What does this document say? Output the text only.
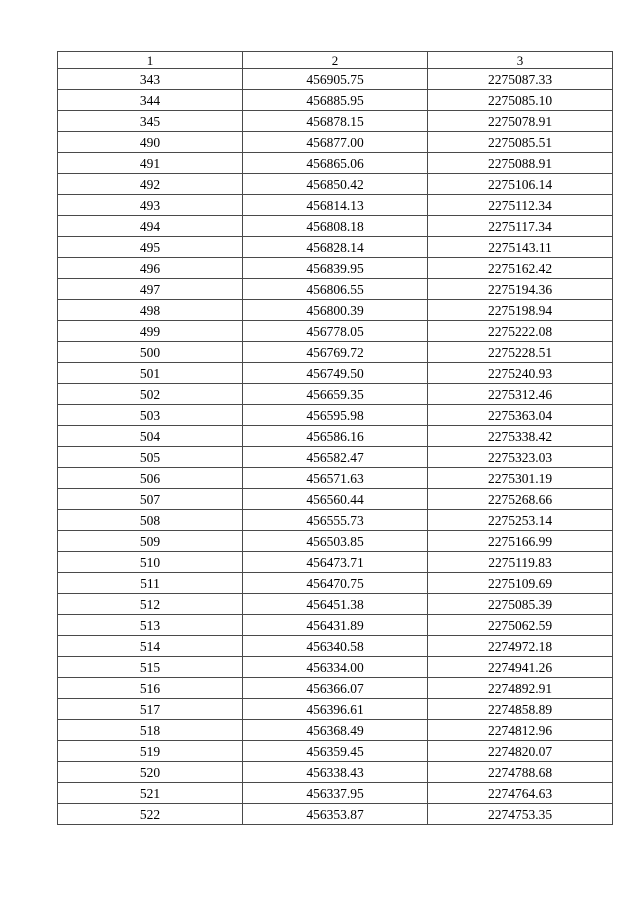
1	2	3
343	456905.75	2275087.33
344	456885.95	2275085.10
345	456878.15	2275078.91
490	456877.00	2275085.51
491	456865.06	2275088.91
492	456850.42	2275106.14
493	456814.13	2275112.34
494	456808.18	2275117.34
495	456828.14	2275143.11
496	456839.95	2275162.42
497	456806.55	2275194.36
498	456800.39	2275198.94
499	456778.05	2275222.08
500	456769.72	2275228.51
501	456749.50	2275240.93
502	456659.35	2275312.46
503	456595.98	2275363.04
504	456586.16	2275338.42
505	456582.47	2275323.03
506	456571.63	2275301.19
507	456560.44	2275268.66
508	456555.73	2275253.14
509	456503.85	2275166.99
510	456473.71	2275119.83
511	456470.75	2275109.69
512	456451.38	2275085.39
513	456431.89	2275062.59
514	456340.58	2274972.18
515	456334.00	2274941.26
516	456366.07	2274892.91
517	456396.61	2274858.89
518	456368.49	2274812.96
519	456359.45	2274820.07
520	456338.43	2274788.68
521	456337.95	2274764.63
522	456353.87	2274753.35
